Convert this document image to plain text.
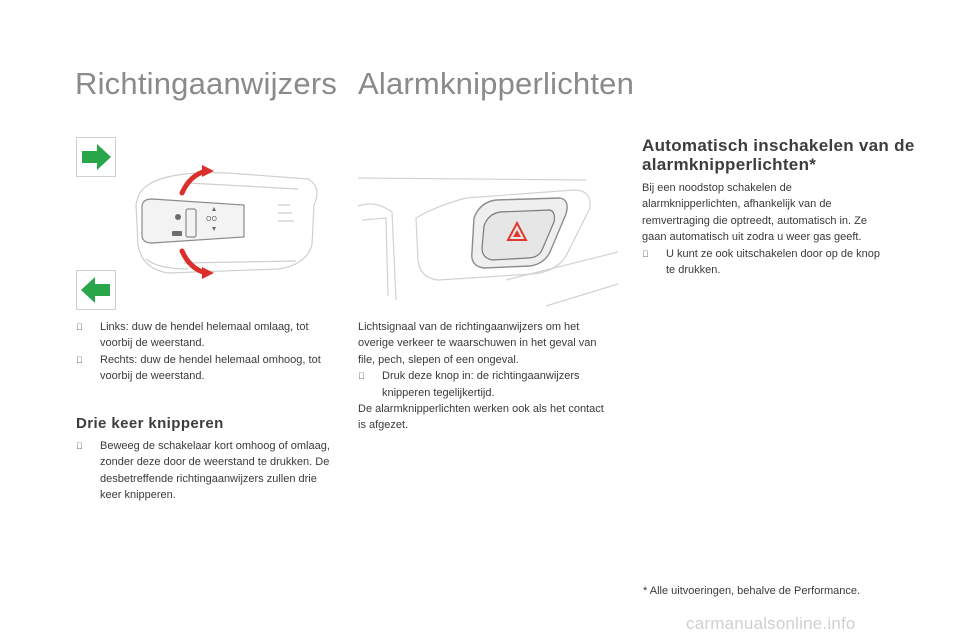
Richtingaanwijzers Alarmknipperlichten
OO
Links: duw de hendel helemaal omlaag, tot voorbij de weerstand.
Rechts: duw de hendel helemaal omhoog, tot voorbij de weerstand.
Drie keer knipperen
Beweeg de schakelaar kort omhoog of omlaag, zonder deze door de weerstand te drukken. De desbetreffende richtingaanwijzers zullen drie keer knipperen.
Lichtsignaal van de richtingaanwijzers om het overige verkeer te waarschuwen in het geval van file, pech, slepen of een ongeval.
Druk deze knop in: de richtingaanwijzers knipperen tegelijkertijd.
De alarmknipperlichten werken ook als het contact is afgezet.
Automatisch inschakelen van de alarmknipperlichten*
Bij een noodstop schakelen de alarmknipperlichten, afhankelijk van de remvertraging die optreedt, automatisch in. Ze gaan automatisch uit zodra u weer gas geeft.
U kunt ze ook uitschakelen door op de knop te drukken.
* Alle uitvoeringen, behalve de Performance.
carmanualsonline.info
